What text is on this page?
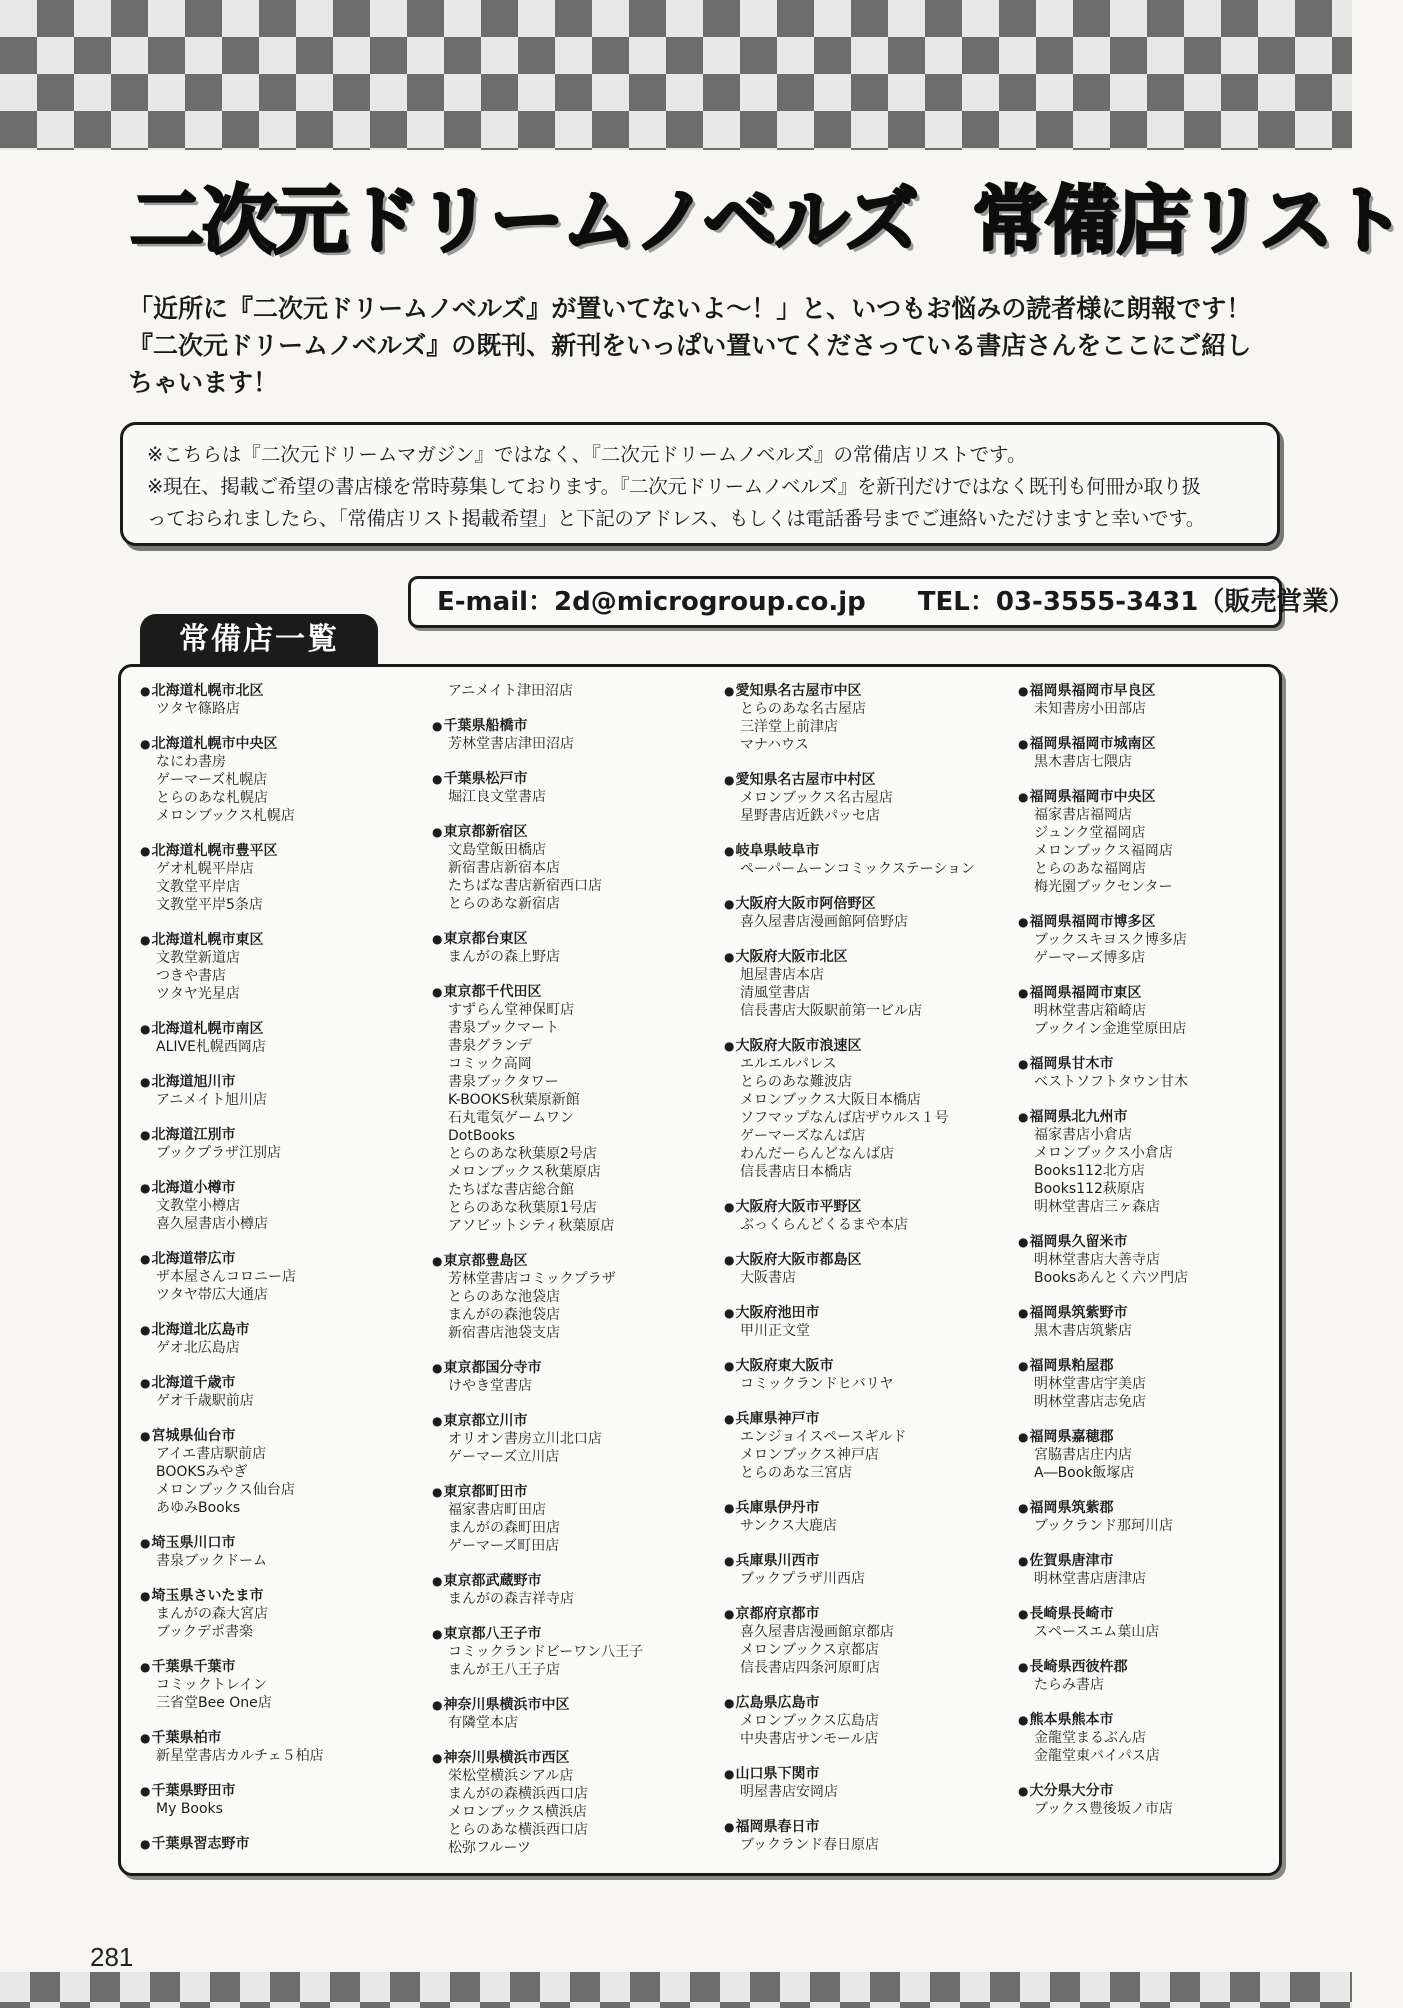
二次元ドリームノベルズ 常備店リスト
「近所に『二次元ドリームノベルズ』が置いてないよ～！」と、いつもお悩みの読者様に朗報です！
『二次元ドリームノベルズ』の既刊、新刊をいっぱい置いてくださっている書店さんをここにご紹し
ちゃいます！
※こちらは『二次元ドリームマガジン』ではなく、『二次元ドリームノベルズ』の常備店リストです。
※現在、掲載ご希望の書店様を常時募集しております。『二次元ドリームノベルズ』を新刊だけではなく既刊も何冊か取り扱
っておられましたら、「常備店リスト掲載希望」と下記のアドレス、もしくは電話番号までご連絡いただけますと幸いです。
E-mail：2d@microgroup.co.jp TEL：03-3555-3431（販売営業）
常備店一覧
● 北海道札幌市北区
ツタヤ篠路店
● 北海道札幌市中央区
なにわ書房
ゲーマーズ札幌店
とらのあな札幌店
メロンブックス札幌店
● 北海道札幌市豊平区
ゲオ札幌平岸店
文教堂平岸店
文教堂平岸5条店
● 北海道札幌市東区
文教堂新道店
つきや書店
ツタヤ光星店
● 北海道札幌市南区
ALIVE札幌西岡店
● 北海道旭川市
アニメイト旭川店
● 北海道江別市
ブックプラザ江別店
● 北海道小樽市
文教堂小樽店
喜久屋書店小樽店
● 北海道帯広市
ザ本屋さんコロニー店
ツタヤ帯広大通店
● 北海道北広島市
ゲオ北広島店
● 北海道千歳市
ゲオ千歳駅前店
● 宮城県仙台市
アイエ書店駅前店
BOOKSみやぎ
メロンブックス仙台店
あゆみBooks
● 埼玉県川口市
書泉ブックドーム
● 埼玉県さいたま市
まんがの森大宮店
ブックデポ書楽
● 千葉県千葉市
コミックトレイン
三省堂Bee One店
● 千葉県柏市
新星堂書店カルチェ５柏店
● 千葉県野田市
My Books
● 千葉県習志野市
アニメイト津田沼店
● 千葉県船橋市
芳林堂書店津田沼店
● 千葉県松戸市
堀江良文堂書店
● 東京都新宿区
文島堂飯田橋店
新宿書店新宿本店
たちばな書店新宿西口店
とらのあな新宿店
● 東京都台東区
まんがの森上野店
● 東京都千代田区
すずらん堂神保町店
書泉ブックマート
書泉グランデ
コミック高岡
書泉ブックタワー
K-BOOKS秋葉原新館
石丸電気ゲームワン
DotBooks
とらのあな秋葉原2号店
メロンブックス秋葉原店
たちばな書店総合館
とらのあな秋葉原1号店
アソビットシティ秋葉原店
● 東京都豊島区
芳林堂書店コミックプラザ
とらのあな池袋店
まんがの森池袋店
新宿書店池袋支店
● 東京都国分寺市
けやき堂書店
● 東京都立川市
オリオン書房立川北口店
ゲーマーズ立川店
● 東京都町田市
福家書店町田店
まんがの森町田店
ゲーマーズ町田店
● 東京都武蔵野市
まんがの森吉祥寺店
● 東京都八王子市
コミックランドビーワン八王子
まんが王八王子店
● 神奈川県横浜市中区
有隣堂本店
● 神奈川県横浜市西区
栄松堂横浜シアル店
まんがの森横浜西口店
メロンブックス横浜店
とらのあな横浜西口店
松弥フルーツ
● 愛知県名古屋市中区
とらのあな名古屋店
三洋堂上前津店
マナハウス
● 愛知県名古屋市中村区
メロンブックス名古屋店
星野書店近鉄パッセ店
● 岐阜県岐阜市
ペーパームーンコミックステーション
● 大阪府大阪市阿倍野区
喜久屋書店漫画館阿倍野店
● 大阪府大阪市北区
旭屋書店本店
清風堂書店
信長書店大阪駅前第一ビル店
● 大阪府大阪市浪速区
エルエルパレス
とらのあな難波店
メロンブックス大阪日本橋店
ソフマップなんば店ザウルス１号
ゲーマーズなんば店
わんだーらんどなんば店
信長書店日本橋店
● 大阪府大阪市平野区
ぶっくらんどくるまや本店
● 大阪府大阪市都島区
大阪書店
● 大阪府池田市
甲川正文堂
● 大阪府東大阪市
コミックランドヒバリヤ
● 兵庫県神戸市
エンジョイスペースギルド
メロンブックス神戸店
とらのあな三宮店
● 兵庫県伊丹市
サンクス大鹿店
● 兵庫県川西市
ブックプラザ川西店
● 京都府京都市
喜久屋書店漫画館京都店
メロンブックス京都店
信長書店四条河原町店
● 広島県広島市
メロンブックス広島店
中央書店サンモール店
● 山口県下関市
明屋書店安岡店
● 福岡県春日市
ブックランド春日原店
● 福岡県福岡市早良区
未知書房小田部店
● 福岡県福岡市城南区
黒木書店七隈店
● 福岡県福岡市中央区
福家書店福岡店
ジュンク堂福岡店
メロンブックス福岡店
とらのあな福岡店
梅光園ブックセンター
● 福岡県福岡市博多区
ブックスキヨスク博多店
ゲーマーズ博多店
● 福岡県福岡市東区
明林堂書店箱崎店
ブックイン金進堂原田店
● 福岡県甘木市
ベストソフトタウン甘木
● 福岡県北九州市
福家書店小倉店
メロンブックス小倉店
Books112北方店
Books112萩原店
明林堂書店三ヶ森店
● 福岡県久留米市
明林堂書店大善寺店
Booksあんとく六ツ門店
● 福岡県筑紫野市
黒木書店筑紫店
● 福岡県粕屋郡
明林堂書店宇美店
明林堂書店志免店
● 福岡県嘉穂郡
宮脇書店庄内店
A―Book飯塚店
● 福岡県筑紫郡
ブックランド那珂川店
● 佐賀県唐津市
明林堂書店唐津店
● 長崎県長崎市
スペースエム葉山店
● 長崎県西彼杵郡
たらみ書店
● 熊本県熊本市
金龍堂まるぶん店
金龍堂東バイパス店
● 大分県大分市
ブックス豊後坂ノ市店
281
